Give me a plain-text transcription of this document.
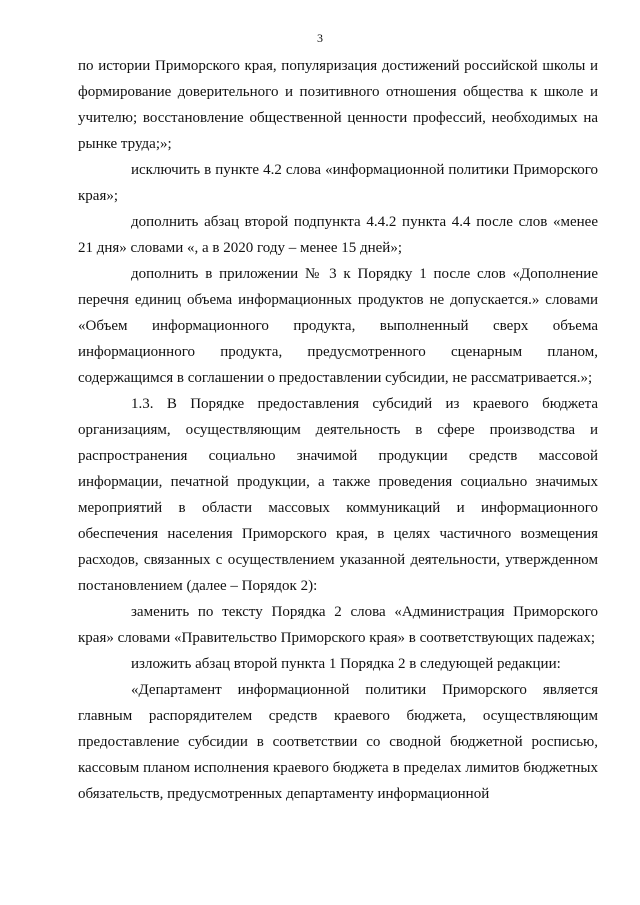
3

по истории Приморского края, популяризация достижений российской школы и формирование доверительного и позитивного отношения общества к школе и учителю; восстановление общественной ценности профессий, необходимых на рынке труда;»;

исключить в пункте 4.2 слова «информационной политики Приморского края»;

дополнить абзац второй подпункта 4.4.2 пункта 4.4 после слов «менее 21 дня» словами «, а в 2020 году – менее 15 дней»;

дополнить в приложении № 3 к Порядку 1 после слов «Дополнение перечня единиц объема информационных продуктов не допускается.» словами «Объем информационного продукта, выполненный сверх объема информационного продукта, предусмотренного сценарным планом, содержащимся в соглашении о предоставлении субсидии, не рассматривается.»;

1.3. В Порядке предоставления субсидий из краевого бюджета организациям, осуществляющим деятельность в сфере производства и распространения социально значимой продукции средств массовой информации, печатной продукции, а также проведения социально значимых мероприятий в области массовых коммуникаций и информационного обеспечения населения Приморского края, в целях частичного возмещения расходов, связанных с осуществлением указанной деятельности, утвержденном постановлением (далее – Порядок 2):

заменить по тексту Порядка 2 слова «Администрация Приморского края» словами «Правительство Приморского края» в соответствующих падежах;

изложить абзац второй пункта 1 Порядка 2 в следующей редакции:

«Департамент информационной политики Приморского является главным распорядителем средств краевого бюджета, осуществляющим предоставление субсидии в соответствии со сводной бюджетной росписью, кассовым планом исполнения краевого бюджета в пределах лимитов бюджетных обязательств, предусмотренных департаменту информационной
